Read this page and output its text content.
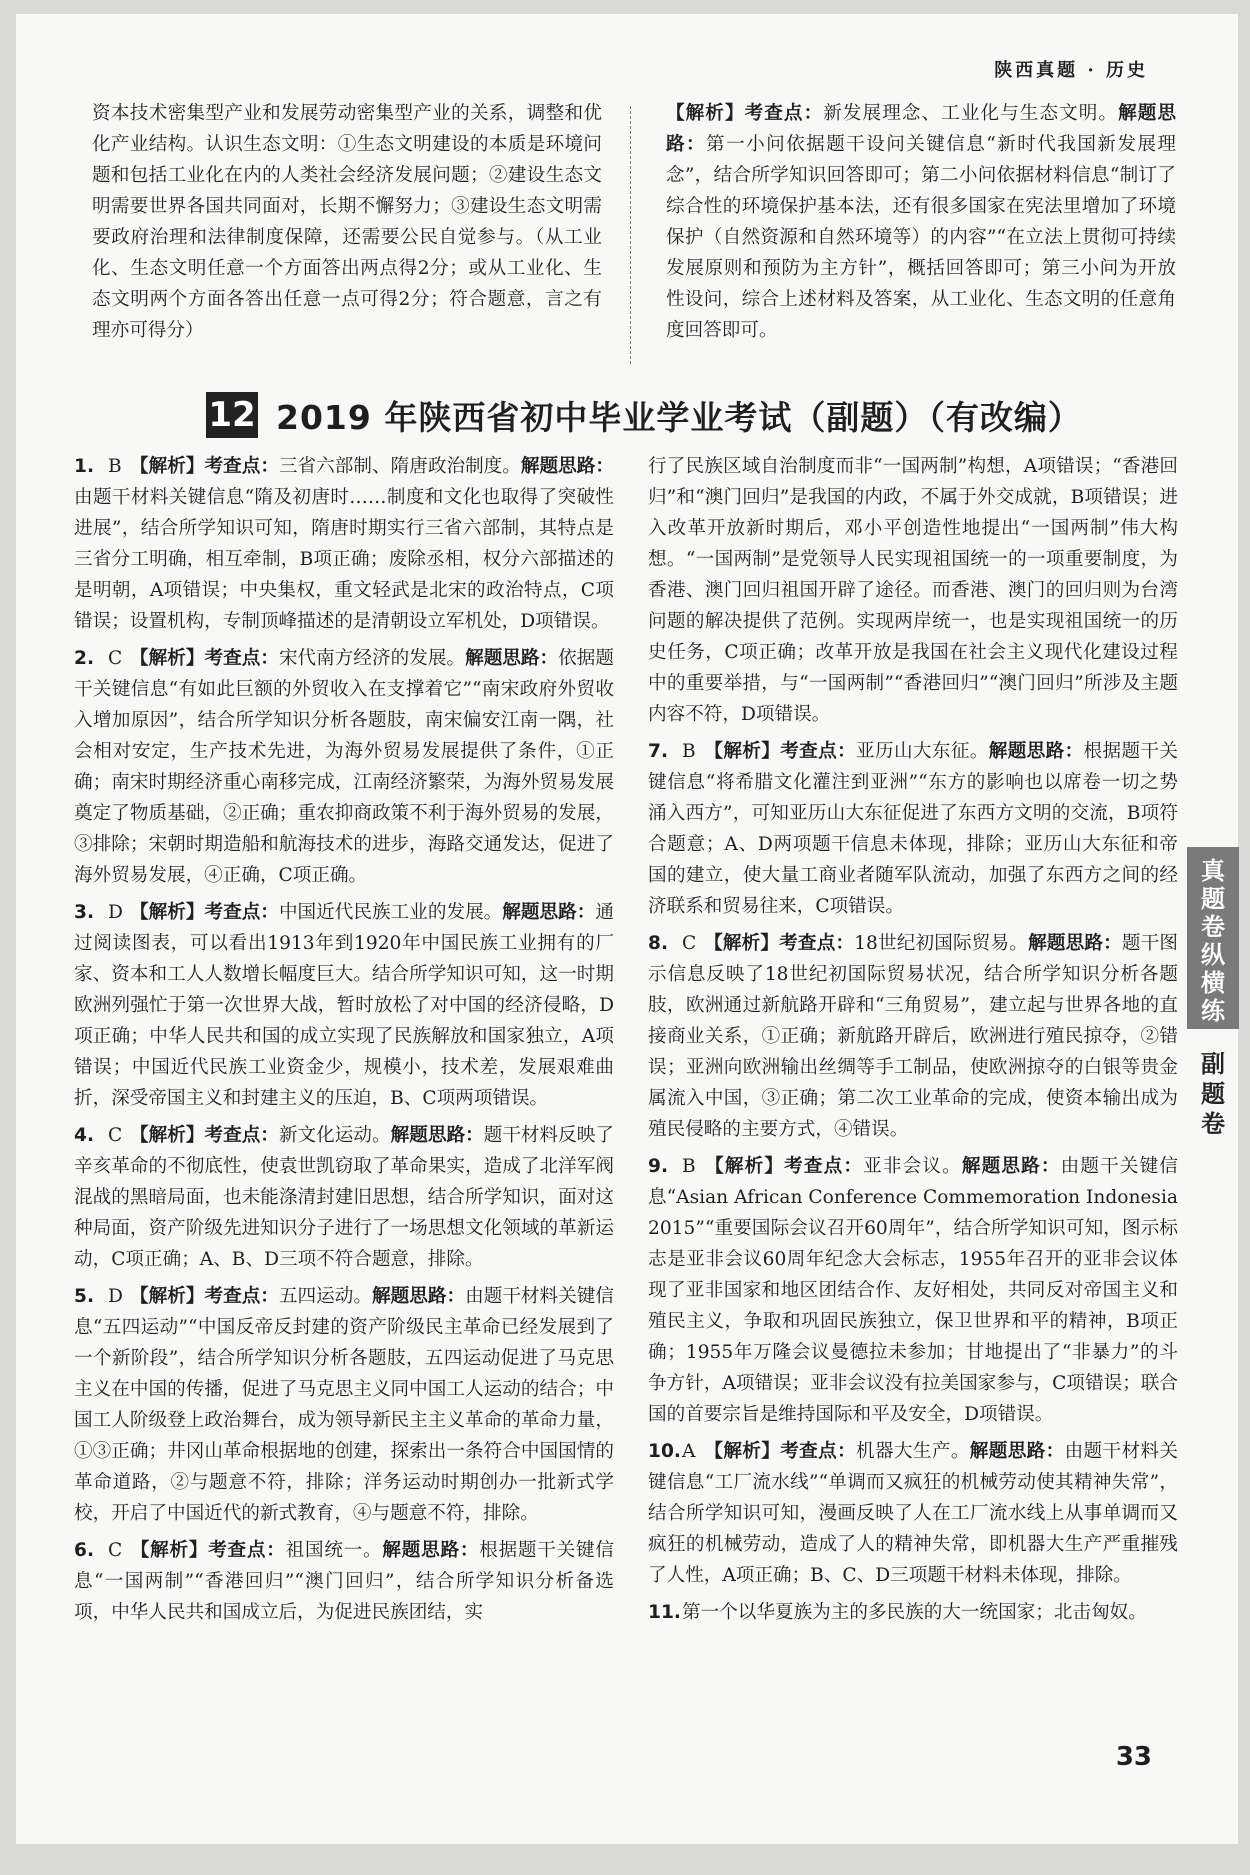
陕西真题 · 历史
资本技术密集型产业和发展劳动密集型产业的关系，调整和优化产业结构。认识生态文明：①生态文明建设的本质是环境问题和包括工业化在内的人类社会经济发展问题；②建设生态文明需要世界各国共同面对，长期不懈努力；③建设生态文明需要政府治理和法律制度保障，还需要公民自觉参与。（从工业化、生态文明任意一个方面答出两点得2分；或从工业化、生态文明两个方面各答出任意一点可得2分；符合题意，言之有理亦可得分）
【解析】考查点：新发展理念、工业化与生态文明。解题思路：第一小问依据题干设问关键信息“新时代我国新发展理念”，结合所学知识回答即可；第二小问依据材料信息“制订了综合性的环境保护基本法，还有很多国家在宪法里增加了环境保护（自然资源和自然环境等）的内容”“在立法上贯彻可持续发展原则和预防为主方针”，概括回答即可；第三小问为开放性设问，综合上述材料及答案，从工业化、生态文明的任意角度回答即可。
12 2019 年陕西省初中毕业学业考试（副题）（有改编）
1. B 【解析】考查点：三省六部制、隋唐政治制度。解题思路：由题干材料关键信息“隋及初唐时……制度和文化也取得了突破性进展”，结合所学知识可知，隋唐时期实行三省六部制，其特点是三省分工明确，相互牵制，B项正确；废除丞相，权分六部描述的是明朝，A项错误；中央集权，重文轻武是北宋的政治特点，C项错误；设置机构，专制顶峰描述的是清朝设立军机处，D项错误。
2. C 【解析】考查点：宋代南方经济的发展。解题思路：依据题干关键信息“有如此巨额的外贸收入在支撑着它”“南宋政府外贸收入增加原因”，结合所学知识分析各题肢，南宋偏安江南一隅，社会相对安定，生产技术先进，为海外贸易发展提供了条件，①正确；南宋时期经济重心南移完成，江南经济繁荣，为海外贸易发展奠定了物质基础，②正确；重农抑商政策不利于海外贸易的发展，③排除；宋朝时期造船和航海技术的进步，海路交通发达，促进了海外贸易发展，④正确，C项正确。
3. D 【解析】考查点：中国近代民族工业的发展。解题思路：通过阅读图表，可以看出1913年到1920年中国民族工业拥有的厂家、资本和工人人数增长幅度巨大。结合所学知识可知，这一时期欧洲列强忙于第一次世界大战，暂时放松了对中国的经济侵略，D项正确；中华人民共和国的成立实现了民族解放和国家独立，A项错误；中国近代民族工业资金少，规模小，技术差，发展艰难曲折，深受帝国主义和封建主义的压迫，B、C项两项错误。
4. C 【解析】考查点：新文化运动。解题思路：题干材料反映了辛亥革命的不彻底性，使袁世凯窃取了革命果实，造成了北洋军阀混战的黑暗局面，也未能涤清封建旧思想，结合所学知识，面对这种局面，资产阶级先进知识分子进行了一场思想文化领域的革新运动，C项正确；A、B、D三项不符合题意，排除。
5. D 【解析】考查点：五四运动。解题思路：由题干材料关键信息“五四运动”“中国反帝反封建的资产阶级民主革命已经发展到了一个新阶段”，结合所学知识分析各题肢，五四运动促进了马克思主义在中国的传播，促进了马克思主义同中国工人运动的结合；中国工人阶级登上政治舞台，成为领导新民主主义革命的革命力量，①③正确；井冈山革命根据地的创建，探索出一条符合中国国情的革命道路，②与题意不符，排除；洋务运动时期创办一批新式学校，开启了中国近代的新式教育，④与题意不符，排除。
6. C 【解析】考查点：祖国统一。解题思路：根据题干关键信息“一国两制”“香港回归”“澳门回归”，结合所学知识分析备选项，中华人民共和国成立后，为促进民族团结，实
行了民族区域自治制度而非“一国两制”构想，A项错误；“香港回归”和“澳门回归”是我国的内政，不属于外交成就，B项错误；进入改革开放新时期后，邓小平创造性地提出“一国两制”伟大构想。“一国两制”是党领导人民实现祖国统一的一项重要制度，为香港、澳门回归祖国开辟了途径。而香港、澳门的回归则为台湾问题的解决提供了范例。实现两岸统一，也是实现祖国统一的历史任务，C项正确；改革开放是我国在社会主义现代化建设过程中的重要举措，与“一国两制”“香港回归”“澳门回归”所涉及主题内容不符，D项错误。
7. B 【解析】考查点：亚历山大东征。解题思路：根据题干关键信息“将希腊文化灌注到亚洲”“东方的影响也以席卷一切之势涌入西方”，可知亚历山大东征促进了东西方文明的交流，B项符合题意；A、D两项题干信息未体现，排除；亚历山大东征和帝国的建立，使大量工商业者随军队流动，加强了东西方之间的经济联系和贸易往来，C项错误。
8. C 【解析】考查点：18世纪初国际贸易。解题思路：题干图示信息反映了18世纪初国际贸易状况，结合所学知识分析各题肢，欧洲通过新航路开辟和“三角贸易”，建立起与世界各地的直接商业关系，①正确；新航路开辟后，欧洲进行殖民掠夺，②错误；亚洲向欧洲输出丝绸等手工制品，使欧洲掠夺的白银等贵金属流入中国，③正确；第二次工业革命的完成，使资本输出成为殖民侵略的主要方式，④错误。
9. B 【解析】考查点：亚非会议。解题思路：由题干关键信息“Asian African Conference Commemoration Indonesia 2015”“重要国际会议召开60周年”，结合所学知识可知，图示标志是亚非会议60周年纪念大会标志，1955年召开的亚非会议体现了亚非国家和地区团结合作、友好相处，共同反对帝国主义和殖民主义，争取和巩固民族独立，保卫世界和平的精神，B项正确；1955年万隆会议曼德拉未参加；甘地提出了“非暴力”的斗争方针，A项错误；亚非会议没有拉美国家参与，C项错误；联合国的首要宗旨是维持国际和平及安全，D项错误。
10.A 【解析】考查点：机器大生产。解题思路：由题干材料关键信息“工厂流水线”“单调而又疯狂的机械劳动使其精神失常”，结合所学知识可知，漫画反映了人在工厂流水线上从事单调而又疯狂的机械劳动，造成了人的精神失常，即机器大生产严重摧残了人性，A项正确；B、C、D三项题干材料未体现，排除。
11.第一个以华夏族为主的多民族的大一统国家；北击匈奴。
真题卷纵横练
副题卷
33
